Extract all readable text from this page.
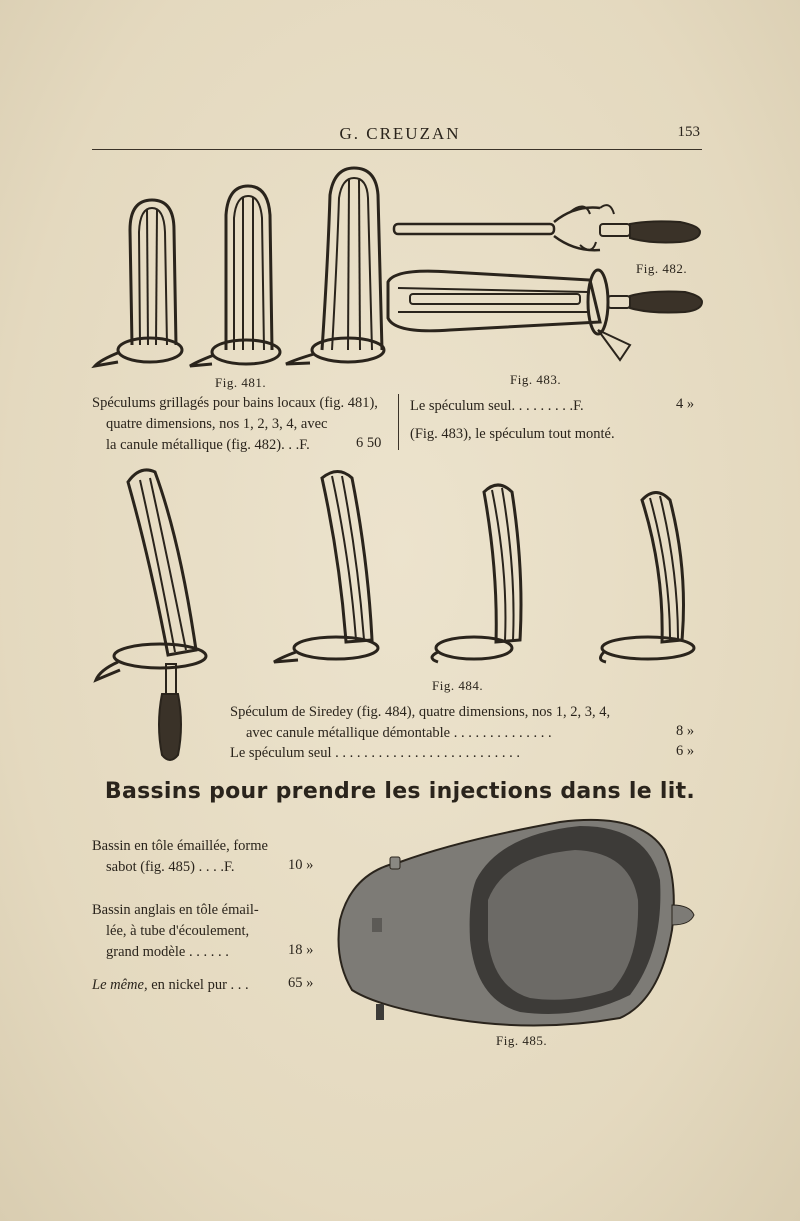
G. CREUZAN	153
Fig. 481.
Fig. 482.
Fig. 483.
Spéculums grillagés pour bains locaux (fig. 481),
quatre dimensions, nos 1, 2, 3, 4, avec
la canule métallique (fig. 482). . .F.	6 50
Le spéculum seul. . . . . . . . .F.	4 »
(Fig. 483), le spéculum tout monté.
Fig. 484.
Spéculum de Siredey (fig. 484), quatre dimensions, nos 1, 2, 3, 4,
avec canule métallique démontable . . . . . . . . . . . . . .	8 »
Le spéculum seul . . . . . . . . . . . . . . . . . . . . . . . . . .	6 »
Bassins pour prendre les injections dans le lit.
Bassin en tôle émaillée, forme
sabot (fig. 485) . . . .F.	10 »
Bassin anglais en tôle émail-
lée, à tube d'écoulement,
grand modèle . . . . . .	18 »
Le même, en nickel pur . . .	65 »
Fig. 485.
